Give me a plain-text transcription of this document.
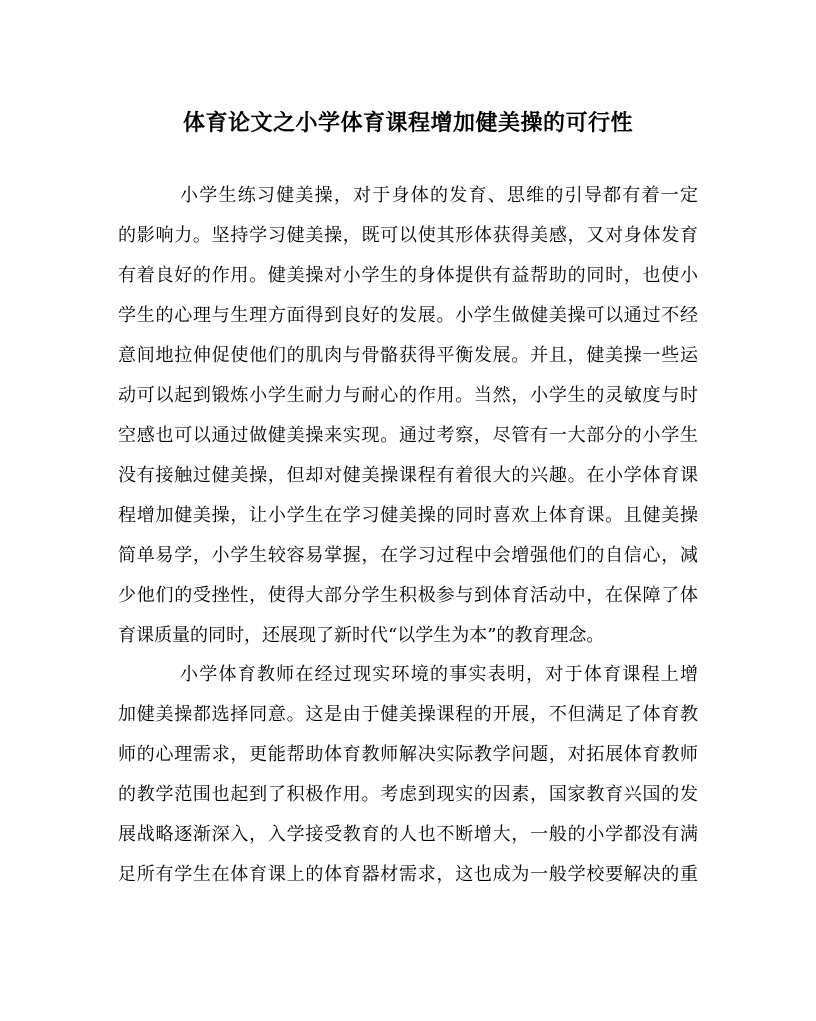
体育论文之小学体育课程增加健美操的可行性
小学生练习健美操，对于身体的发育、思维的引导都有着一定
的影响力。坚持学习健美操，既可以使其形体获得美感，又对身体发育
有着良好的作用。健美操对小学生的身体提供有益帮助的同时，也使小
学生的心理与生理方面得到良好的发展。小学生做健美操可以通过不经
意间地拉伸促使他们的肌肉与骨骼获得平衡发展。并且，健美操一些运
动可以起到锻炼小学生耐力与耐心的作用。当然，小学生的灵敏度与时
空感也可以通过做健美操来实现。通过考察，尽管有一大部分的小学生
没有接触过健美操，但却对健美操课程有着很大的兴趣。在小学体育课
程增加健美操，让小学生在学习健美操的同时喜欢上体育课。且健美操
简单易学，小学生较容易掌握，在学习过程中会增强他们的自信心，减
少他们的受挫性，使得大部分学生积极参与到体育活动中，在保障了体
育课质量的同时，还展现了新时代“以学生为本”的教育理念。
小学体育教师在经过现实环境的事实表明，对于体育课程上增
加健美操都选择同意。这是由于健美操课程的开展，不但满足了体育教
师的心理需求，更能帮助体育教师解决实际教学问题，对拓展体育教师
的教学范围也起到了积极作用。考虑到现实的因素，国家教育兴国的发
展战略逐渐深入，入学接受教育的人也不断增大，一般的小学都没有满
足所有学生在体育课上的体育器材需求，这也成为一般学校要解决的重
